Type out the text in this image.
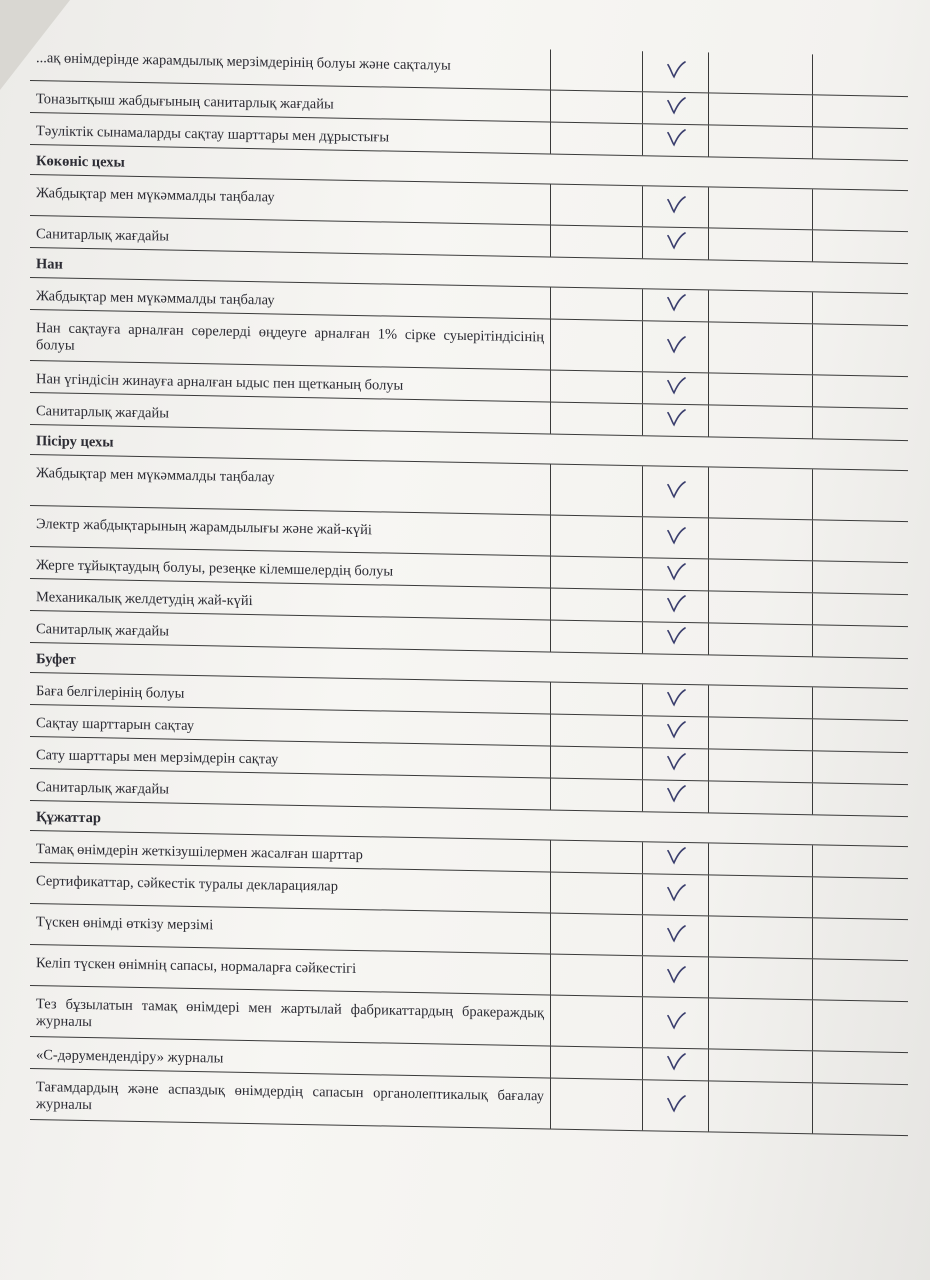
...ақ өнімдерінде жарамдылық мерзімдерінің болуы және сақталуы
Тоназытқыш жабдығының санитарлық жағдайы
Тәуліктік сынамаларды сақтау шарттары мен дұрыстығы
Көкөніс цехы
Жабдықтар мен мүкәммалды таңбалау
Санитарлық жағдайы
Нан
Жабдықтар мен мүкәммалды таңбалау
Нан сақтауға арналған сөрелерді өңдеуге арналған 1% сірке суыерітіндісінің болуы
Нан үгіндісін жинауға арналған ыдыс пен щетканың болуы
Санитарлық жағдайы
Пісіру цехы
Жабдықтар мен мүкәммалды таңбалау
Электр жабдықтарының жарамдылығы және жай-күйі
Жерге тұйықтаудың болуы, резеңке кілемшелердің болуы
Механикалық желдетудің жай-күйі
Санитарлық жағдайы
Буфет
Баға белгілерінің болуы
Сақтау шарттарын сақтау
Сату шарттары мен мерзімдерін сақтау
Санитарлық жағдайы
Құжаттар
Тамақ өнімдерін жеткізушілермен жасалған шарттар
Сертификаттар, сәйкестік туралы декларациялар
Түскен өнімді өткізу мерзімі
Келіп түскен өнімнің сапасы, нормаларға сәйкестігі
Тез бұзылатын тамақ өнімдері мен жартылай фабрикаттардың бракераждық журналы
«С-дәрумендендіру» журналы
Тағамдардың және аспаздық өнімдердің сапасын органолептикалық бағалау журналы
